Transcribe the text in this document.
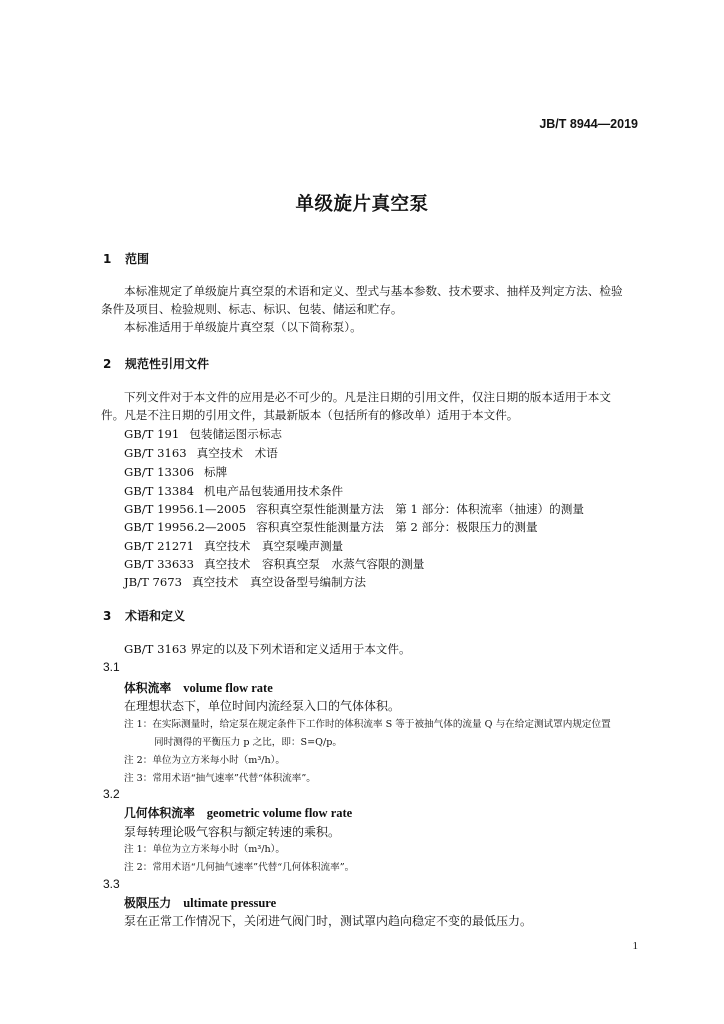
JB/T 8944—2019
单级旋片真空泵
1 范围
本标准规定了单级旋片真空泵的术语和定义、型式与基本参数、技术要求、抽样及判定方法、检验
条件及项目、检验规则、标志、标识、包装、储运和贮存。
本标准适用于单级旋片真空泵（以下简称泵）。
2 规范性引用文件
下列文件对于本文件的应用是必不可少的。凡是注日期的引用文件，仅注日期的版本适用于本文
件。凡是不注日期的引用文件，其最新版本（包括所有的修改单）适用于本文件。
GB/T 191 包装储运图示标志
GB/T 3163 真空技术　术语
GB/T 13306 标牌
GB/T 13384 机电产品包装通用技术条件
GB/T 19956.1—2005 容积真空泵性能测量方法　第 1 部分：体积流率（抽速）的测量
GB/T 19956.2—2005 容积真空泵性能测量方法　第 2 部分：极限压力的测量
GB/T 21271 真空技术　真空泵噪声测量
GB/T 33633 真空技术　容积真空泵　水蒸气容限的测量
JB/T 7673 真空技术　真空设备型号编制方法
3 术语和定义
GB/T 3163 界定的以及下列术语和定义适用于本文件。
3.1
体积流率 volume flow rate
在理想状态下，单位时间内流经泵入口的气体体积。
注 1：在实际测量时，给定泵在规定条件下工作时的体积流率 S 等于被抽气体的流量 Q 与在给定测试罩内规定位置
同时测得的平衡压力 p 之比，即：S=Q/p。
注 2：单位为立方米每小时（m³/h）。
注 3：常用术语“抽气速率”代替“体积流率”。
3.2
几何体积流率 geometric volume flow rate
泵每转理论吸气容积与额定转速的乘积。
注 1：单位为立方米每小时（m³/h）。
注 2：常用术语“几何抽气速率”代替“几何体积流率”。
3.3
极限压力 ultimate pressure
泵在正常工作情况下，关闭进气阀门时，测试罩内趋向稳定不变的最低压力。
1
